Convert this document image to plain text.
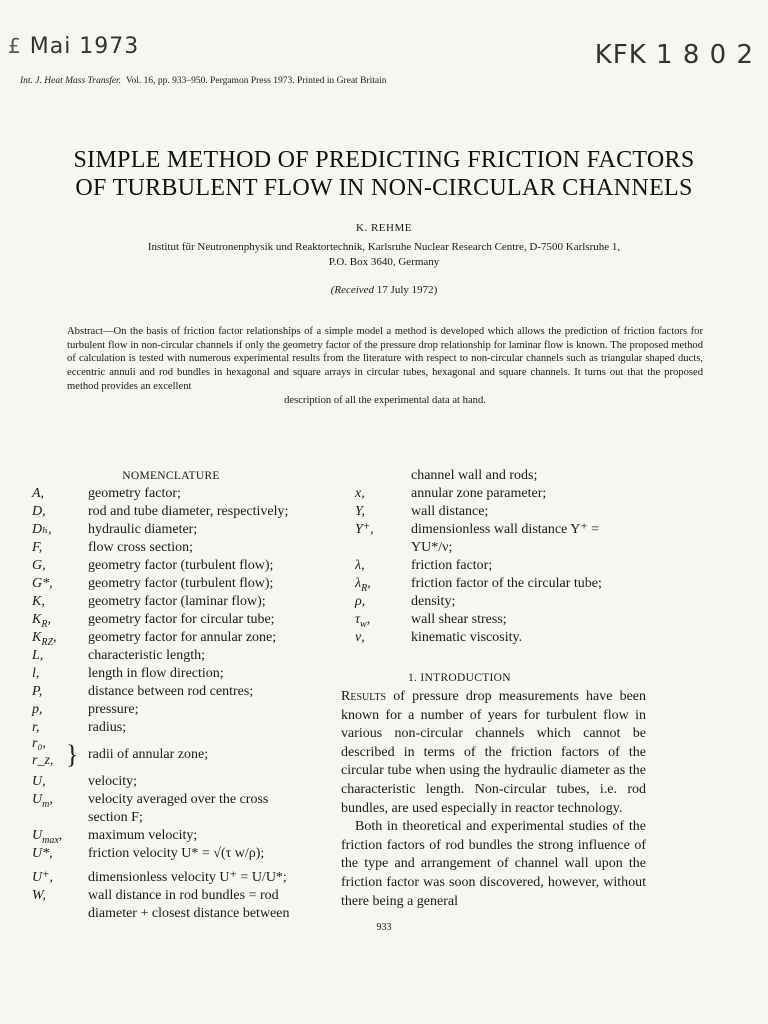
£ Mai 1973	KFK 1 8 0 2
Int. J. Heat Mass Transfer. Vol. 16, pp. 933–950. Pergamon Press 1973. Printed in Great Britain
SIMPLE METHOD OF PREDICTING FRICTION FACTORS
OF TURBULENT FLOW IN NON-CIRCULAR CHANNELS
K. REHME
Institut für Neutronenphysik und Reaktortechnik, Karlsruhe Nuclear Research Centre, D-7500 Karlsruhe 1,
P.O. Box 3640, Germany
(Received 17 July 1972)
Abstract—On the basis of friction factor relationships of a simple model a method is developed which allows the prediction of friction factors for turbulent flow in non-circular channels if only the geometry factor of the pressure drop relationship for laminar flow is known. The proposed method of calculation is tested with numerous experimental results from the literature with respect to non-circular channels such as triangular shaped ducts, eccentric annuli and rod bundles in hexagonal and square arrays in circular tubes, hexagonal and square channels. It turns out that the proposed method provides an excellent
description of all the experimental data at hand.
NOMENCLATURE
A,	geometry factor;
D,	rod and tube diameter, respectively;
Dₕ,	hydraulic diameter;
F,	flow cross section;
G,	geometry factor (turbulent flow);
G*,	geometry factor (turbulent flow);
K,	geometry factor (laminar flow);
$K_R$,	geometry factor for circular tube;
$K_{RZ}$,	geometry factor for annular zone;
L,	characteristic length;
l,	length in flow direction;
P,	distance between rod centres;
p,	pressure;
r,	radius;
r₀,
r_z, } radii of annular zone;
U,	velocity;
$U_m$,	velocity averaged over the cross
section F;
$U_{max}$,	maximum velocity;
U*,	friction velocity U* = √(τ w/ρ);
U⁺,	dimensionless velocity U⁺ = U/U*;
W,	wall distance in rod bundles = rod
diameter + closest distance between
channel wall and rods;
x,	annular zone parameter;
Y,	wall distance;
Y⁺,	dimensionless wall distance Y⁺ =
YU*/ν;
λ,	friction factor;
$\lambda_R$,	friction factor of the circular tube;
ρ,	density;
$\tau_w$,	wall shear stress;
ν,	kinematic viscosity.
1. INTRODUCTION

Results of pressure drop measurements have been known for a number of years for turbulent flow in various non-circular channels which cannot be described in terms of the friction factors of the circular tube when using the hydraulic diameter as the characteristic length. Non-circular tubes, i.e. rod bundles, are used especially in reactor technology.

Both in theoretical and experimental studies of the friction factors of rod bundles the strong influence of the type and arrangement of channel wall upon the friction factor was soon discovered, however, without there being a general

933
